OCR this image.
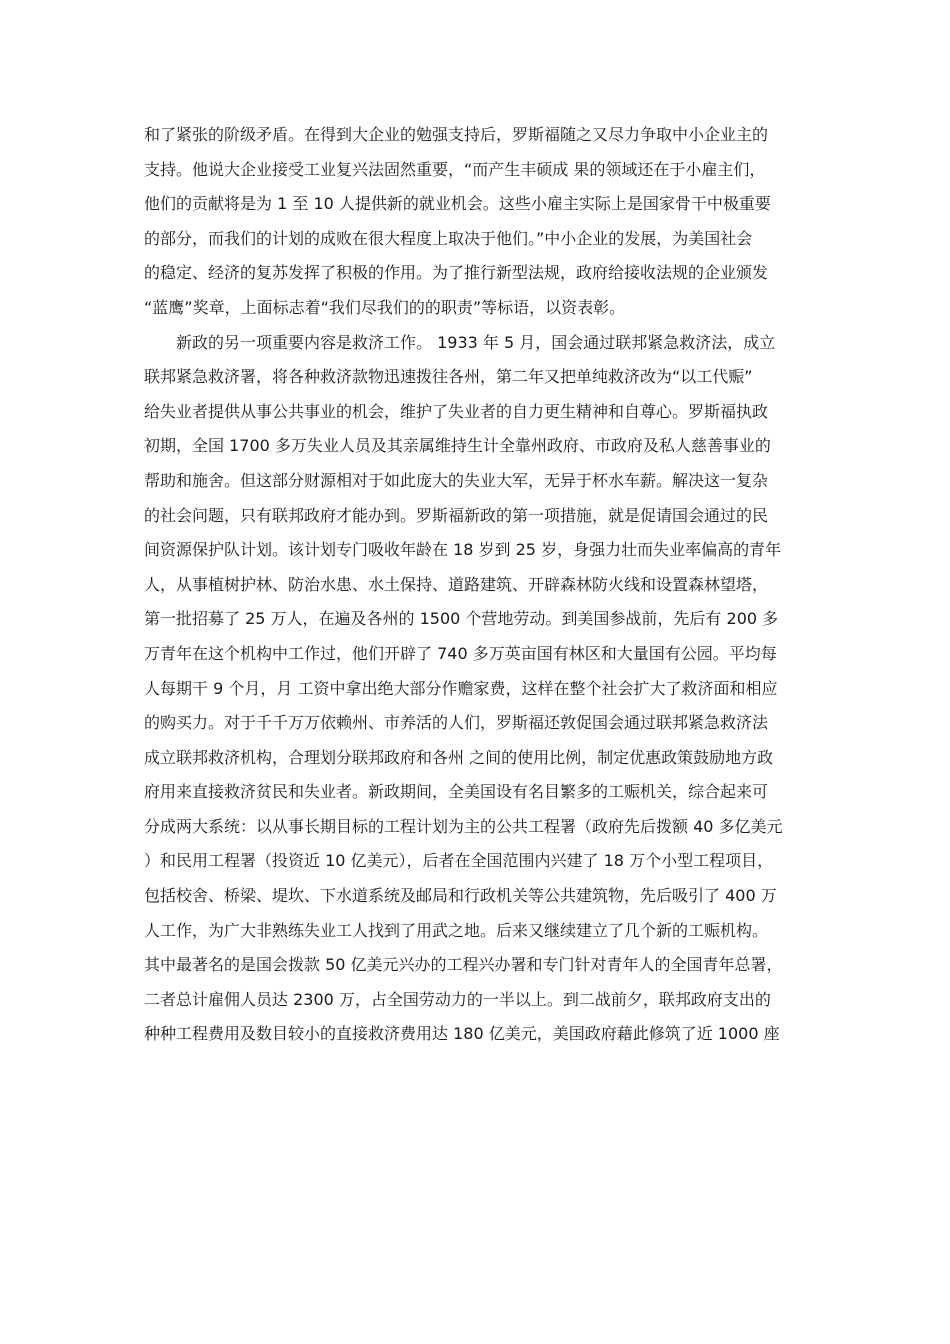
和了紧张的阶级矛盾。在得到大企业的勉强支持后，罗斯福随之又尽力争取中小企业主的
支持。他说大企业接受工业复兴法固然重要，“而产生丰硕成 果的领域还在于小雇主们，
他们的贡献将是为 1 至 10 人提供新的就业机会。这些小雇主实际上是国家骨干中极重要
的部分，而我们的计划的成败在很大程度上取决于他们。”中小企业的发展，为美国社会
的稳定、经济的复苏发挥了积极的作用。为了推行新型法规，政府给接收法规的企业颁发
“蓝鹰”奖章，上面标志着“我们尽我们的的职责”等标语，以资表彰。
新政的另一项重要内容是救济工作。 1933 年 5 月，国会通过联邦紧急救济法，成立
联邦紧急救济署，将各种救济款物迅速拨往各州，第二年又把单纯救济改为“以工代赈”
给失业者提供从事公共事业的机会，维护了失业者的自力更生精神和自尊心。罗斯福执政
初期，全国 1700 多万失业人员及其亲属维持生计全靠州政府、市政府及私人慈善事业的
帮助和施舍。但这部分财源相对于如此庞大的失业大军，无异于杯水车薪。解决这一复杂
的社会问题，只有联邦政府才能办到。罗斯福新政的第一项措施，就是促请国会通过的民
间资源保护队计划。该计划专门吸收年龄在 18 岁到 25 岁，身强力壮而失业率偏高的青年
人，从事植树护林、防治水患、水土保持、道路建筑、开辟森林防火线和设置森林望塔，
第一批招募了 25 万人，在遍及各州的 1500 个营地劳动。到美国参战前，先后有 200 多
万青年在这个机构中工作过，他们开辟了 740 多万英亩国有林区和大量国有公园。平均每
人每期干 9 个月，月 工资中拿出绝大部分作赡家费，这样在整个社会扩大了救济面和相应
的购买力。对于千千万万依赖州、市养活的人们，罗斯福还敦促国会通过联邦紧急救济法
成立联邦救济机构，合理划分联邦政府和各州 之间的使用比例，制定优惠政策鼓励地方政
府用来直接救济贫民和失业者。新政期间，全美国设有名目繁多的工赈机关，综合起来可
分成两大系统：以从事长期目标的工程计划为主的公共工程署（政府先后拨额 40 多亿美元
）和民用工程署（投资近 10 亿美元），后者在全国范围内兴建了 18 万个小型工程项目，
包括校舍、桥梁、堤坎、下水道系统及邮局和行政机关等公共建筑物，先后吸引了 400 万
人工作，为广大非熟练失业工人找到了用武之地。后来又继续建立了几个新的工赈机构。
其中最著名的是国会拨款 50 亿美元兴办的工程兴办署和专门针对青年人的全国青年总署，
二者总计雇佣人员达 2300 万，占全国劳动力的一半以上。到二战前夕，联邦政府支出的
种种工程费用及数目较小的直接救济费用达 180 亿美元，美国政府藉此修筑了近 1000 座
